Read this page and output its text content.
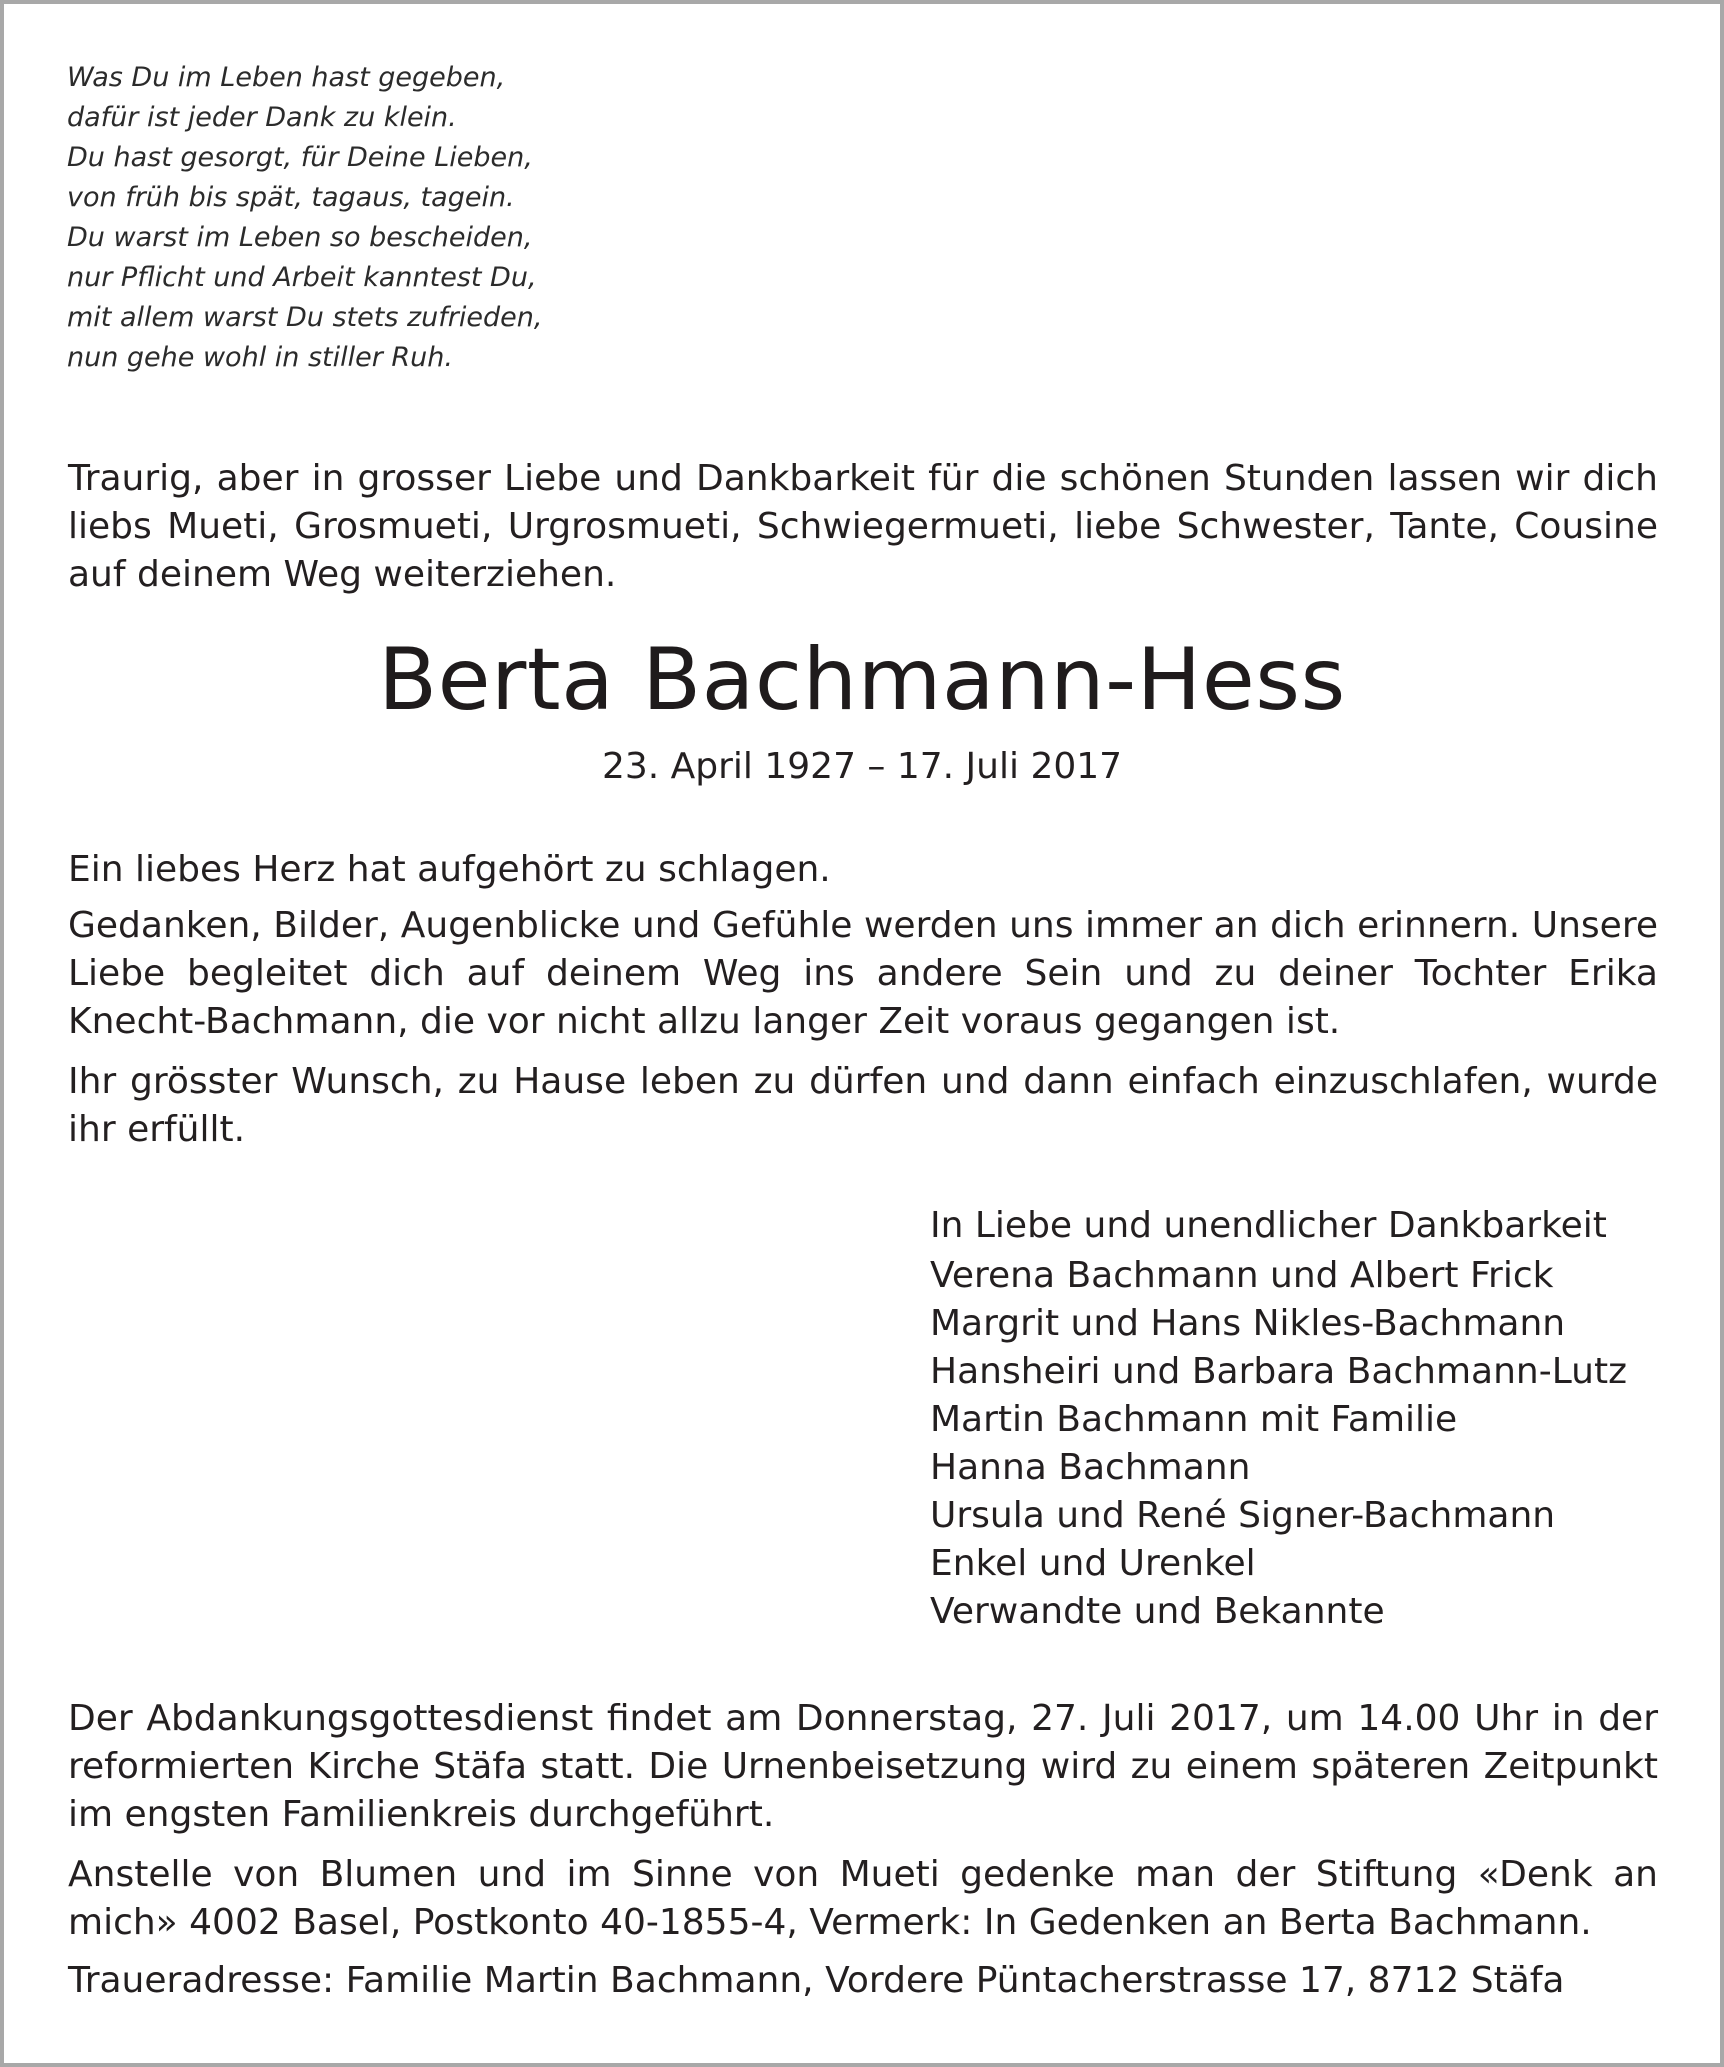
Was Du im Leben hast gegeben,
dafür ist jeder Dank zu klein.
Du hast gesorgt, für Deine Lieben,
von früh bis spät, tagaus, tagein.
Du warst im Leben so bescheiden,
nur Pflicht und Arbeit kanntest Du,
mit allem warst Du stets zufrieden,
nun gehe wohl in stiller Ruh.
Traurig, aber in grosser Liebe und Dankbarkeit für die schönen Stunden lassen wir dich liebs Mueti, Grosmueti, Urgrosmueti, Schwiegermueti, liebe Schwester, Tante, Cousine auf deinem Weg weiterziehen.
Berta Bachmann-Hess
23. April 1927 – 17. Juli 2017
Ein liebes Herz hat aufgehört zu schlagen.
Gedanken, Bilder, Augenblicke und Gefühle werden uns immer an dich erinnern. Unsere Liebe begleitet dich auf deinem Weg ins andere Sein und zu deiner Tochter Erika Knecht-Bachmann, die vor nicht allzu langer Zeit voraus gegangen ist.
Ihr grösster Wunsch, zu Hause leben zu dürfen und dann einfach einzuschlafen, wurde ihr erfüllt.
In Liebe und unendlicher Dankbarkeit
Verena Bachmann und Albert Frick
Margrit und Hans Nikles-Bachmann
Hansheiri und Barbara Bachmann-Lutz
Martin Bachmann mit Familie
Hanna Bachmann
Ursula und René Signer-Bachmann
Enkel und Urenkel
Verwandte und Bekannte
Der Abdankungsgottesdienst findet am Donnerstag, 27. Juli 2017, um 14.00 Uhr in der reformierten Kirche Stäfa statt. Die Urnenbeisetzung wird zu einem späteren Zeitpunkt im engsten Familienkreis durchgeführt.
Anstelle von Blumen und im Sinne von Mueti gedenke man der Stiftung «Denk an mich» 4002 Basel, Postkonto 40-1855-4, Vermerk: In Gedenken an Berta Bachmann.
Traueradresse: Familie Martin Bachmann, Vordere Püntacherstrasse 17, 8712 Stäfa
